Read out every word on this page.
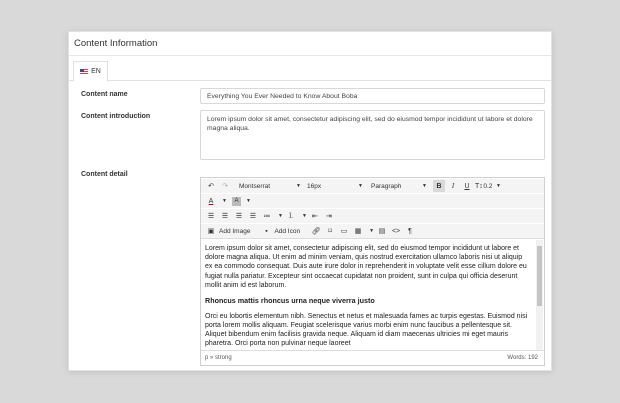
Content Information
EN
Content name	Everything You Ever Needed to Know About Boba
Content introduction	Lorem ipsum dolor sit amet, consectetur adipiscing elit, sed do eiusmod tempor incididunt ut labore et dolore magna aliqua.
Content detail
↶	↷	Montserrat	▼ 16px	▼ Paragraph	▼	B	I	U T↕ 0.2 ▼
A	▼	A	▼
☰	☰	☰	☰	≔	▼ ⒈	▼ ⇤	⇥
▣ Add Image	▪	Add Icon 🔗︎	⌑	▭	▦	▼ ▤ <>	¶

Lorem ipsum dolor sit amet, consectetur adipiscing elit, sed do eiusmod tempor incididunt ut labore et dolore magna aliqua. Ut enim ad minim veniam, quis nostrud exercitation ullamco laboris nisi ut aliquip ex ea commodo consequat. Duis aute irure dolor in reprehenderit in voluptate velit esse cillum dolore eu fugiat nulla pariatur. Excepteur sint occaecat cupidatat non proident, sunt in culpa qui officia deserunt mollit anim id est laborum.

Rhoncus mattis rhoncus urna neque viverra justo

Orci eu lobortis elementum nibh. Senectus et netus et malesuada fames ac turpis egestas. Euismod nisi porta lorem mollis aliquam. Feugiat scelerisque varius morbi enim nunc faucibus a pellentesque sit. Aliquet bibendum enim facilisis gravida neque. Aliquam id diam maecenas ultricies mi eget mauris pharetra. Orci porta non pulvinar neque laoreet

p » strong	Words: 192
